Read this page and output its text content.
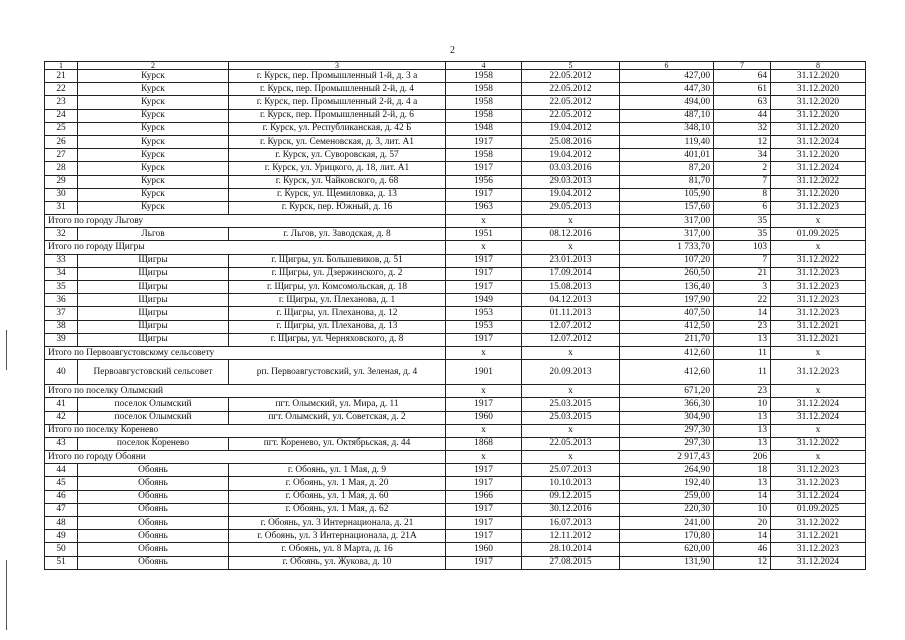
2
1	2	3	4	5	6	7	8
21	Курск	г. Курск, пер. Промышленный 1-й, д. 3 а	1958	22.05.2012	427,00	64	31.12.2020
22	Курск	г. Курск, пер. Промышленный 2-й, д. 4	1958	22.05.2012	447,30	61	31.12.2020
23	Курск	г. Курск, пер. Промышленный 2-й, д. 4 а	1958	22.05.2012	494,00	63	31.12.2020
24	Курск	г. Курск, пер. Промышленный 2-й, д. 6	1958	22.05.2012	487,10	44	31.12.2020
25	Курск	г. Курск, ул. Республиканская, д. 42 Б	1948	19.04.2012	348,10	32	31.12.2020
26	Курск	г. Курск, ул. Семеновская, д. 3, лит. А1	1917	25.08.2016	119,40	12	31.12.2024
27	Курск	г. Курск, ул. Суворовская, д. 57	1958	19.04.2012	401,01	34	31.12.2020
28	Курск	г. Курск, ул. Урицкого, д. 18, лит. А1	1917	03.03.2016	87,20	2	31.12.2024
29	Курск	г. Курск, ул. Чайковского, д. 68	1956	29.03.2013	81,70	7	31.12.2022
30	Курск	г. Курск, ул. Щемиловка, д. 13	1917	19.04.2012	105,90	8	31.12.2020
31	Курск	г. Курск, пер. Южный, д. 16	1963	29.05.2013	157,60	6	31.12.2023
Итого по городу Льгову			х	х	317,00	35	х
32	Льгов	г. Льгов, ул. Заводская, д. 8	1951	08.12.2016	317,00	35	01.09.2025
Итого по городу Щигры			х	х	1 733,70	103	х
33	Щигры	г. Щигры, ул. Большевиков, д. 51	1917	23.01.2013	107,20	7	31.12.2022
34	Щигры	г. Щигры, ул. Дзержинского, д. 2	1917	17.09.2014	260,50	21	31.12.2023
35	Щигры	г. Щигры, ул. Комсомольская, д. 18	1917	15.08.2013	136,40	3	31.12.2023
36	Щигры	г. Щигры, ул. Плеханова, д. 1	1949	04.12.2013	197,90	22	31.12.2023
37	Щигры	г. Щигры, ул. Плеханова, д. 12	1953	01.11.2013	407,50	14	31.12.2023
38	Щигры	г. Щигры, ул. Плеханова, д. 13	1953	12.07.2012	412,50	23	31.12.2021
39	Щигры	г. Щигры, ул. Черняховского, д. 8	1917	12.07.2012	211,70	13	31.12.2021
Итого по Первоавгустовскому сельсовету			х	х	412,60	11	х
40	Первоавгустовский сельсовет	рп. Первоавгустовский, ул. Зеленая, д. 4	1901	20.09.2013	412,60	11	31.12.2023
Итого по поселку Олымский			х	х	671,20	23	х
41	поселок Олымский	пгт. Олымский, ул. Мира, д. 11	1917	25.03.2015	366,30	10	31.12.2024
42	поселок Олымский	пгт. Олымский, ул. Советская, д. 2	1960	25.03.2015	304,90	13	31.12.2024
Итого по поселку Коренево			х	х	297,30	13	х
43	поселок Коренево	пгт. Коренево, ул. Октябрьская, д. 44	1868	22.05.2013	297,30	13	31.12.2022
Итого по городу Обояни			х	х	2 917,43	206	х
44	Обоянь	г. Обоянь, ул. 1 Мая, д. 9	1917	25.07.2013	264,90	18	31.12.2023
45	Обоянь	г. Обоянь, ул. 1 Мая, д. 20	1917	10.10.2013	192,40	13	31.12.2023
46	Обоянь	г. Обоянь, ул. 1 Мая, д. 60	1966	09.12.2015	259,00	14	31.12.2024
47	Обоянь	г. Обоянь, ул. 1 Мая, д. 62	1917	30.12.2016	220,30	10	01.09.2025
48	Обоянь	г. Обоянь, ул. 3 Интернационала, д. 21	1917	16.07.2013	241,00	20	31.12.2022
49	Обоянь	г. Обоянь, ул. 3 Интернационала, д. 21А	1917	12.11.2012	170,80	14	31.12.2021
50	Обоянь	г. Обоянь, ул. 8 Марта, д. 16	1960	28.10.2014	620,00	46	31.12.2023
51	Обоянь	г. Обоянь, ул. Жукова, д. 10	1917	27.08.2015	131,90	12	31.12.2024
